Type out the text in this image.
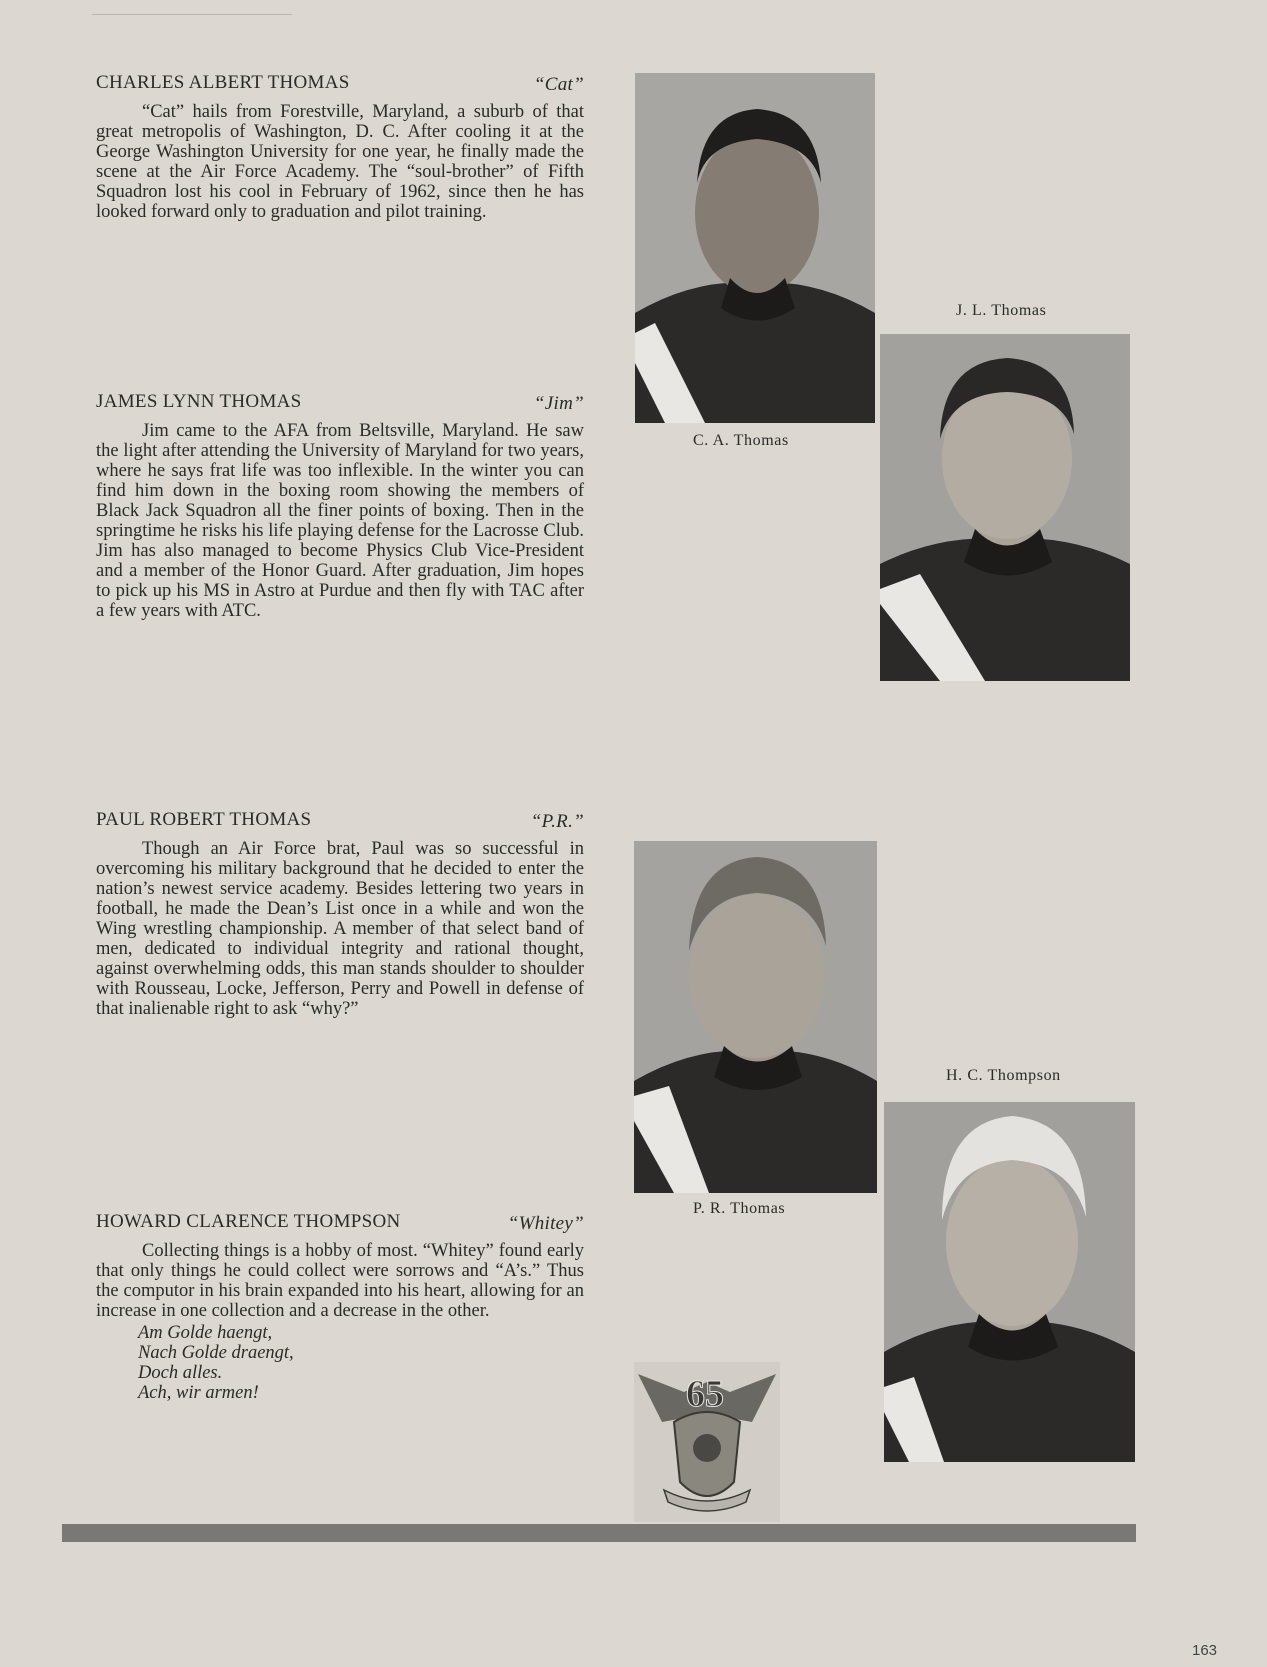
CHARLES ALBERT THOMAS	“Cat”

“Cat” hails from Forestville, Maryland, a suburb of that great metropolis of Washington, D. C. After cooling it at the George Washington University for one year, he finally made the scene at the Air Force Academy. The “soul-brother” of Fifth Squadron lost his cool in February of 1962, since then he has looked forward only to graduation and pilot training.

JAMES LYNN THOMAS	“Jim”

Jim came to the AFA from Beltsville, Maryland. He saw the light after attending the University of Maryland for two years, where he says frat life was too inflexible. In the winter you can find him down in the boxing room showing the members of Black Jack Squadron all the finer points of boxing. Then in the springtime he risks his life playing defense for the Lacrosse Club. Jim has also managed to become Physics Club Vice-President and a member of the Honor Guard. After graduation, Jim hopes to pick up his MS in Astro at Purdue and then fly with TAC after a few years with ATC.

PAUL ROBERT THOMAS	“P.R.”

Though an Air Force brat, Paul was so successful in overcoming his military background that he decided to enter the nation’s newest service academy. Besides lettering two years in football, he made the Dean’s List once in a while and won the Wing wrestling championship. A member of that select band of men, dedicated to individual integrity and rational thought, against overwhelming odds, this man stands shoulder to shoulder with Rousseau, Locke, Jefferson, Perry and Powell in defense of that inalienable right to ask “why?”

HOWARD CLARENCE THOMPSON	“Whitey”

Collecting things is a hobby of most. “Whitey” found early that only things he could collect were sorrows and “A’s.” Thus the computor in his brain expanded into his heart, allowing for an increase in one collection and a decrease in the other.

Am Golde haengt,
Nach Golde draengt,
Doch alles.
Ach, wir armen!
C. A. Thomas
J. L. Thomas
P. R. Thomas
H. C. Thompson
65
163
